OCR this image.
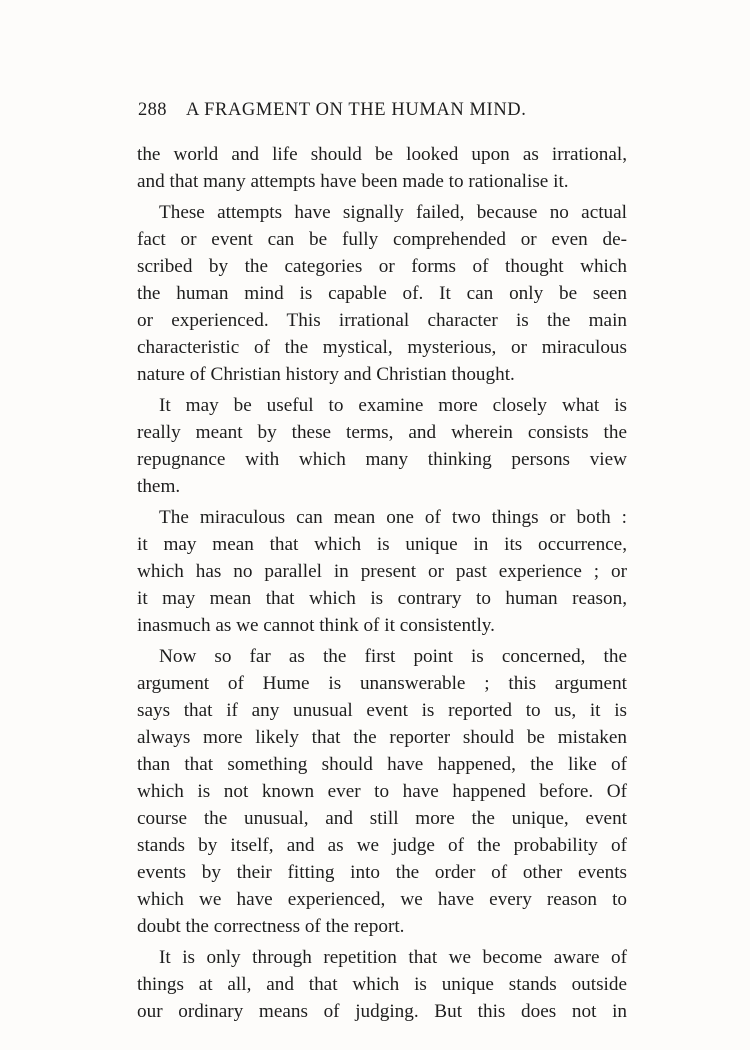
288 A FRAGMENT ON THE HUMAN MIND.
the world and life should be looked upon as irrational,
and that many attempts have been made to rationalise it.
These attempts have signally failed, because no actual
fact or event can be fully comprehended or even de-
scribed by the categories or forms of thought which
the human mind is capable of. It can only be seen
or experienced. This irrational character is the main
characteristic of the mystical, mysterious, or miraculous
nature of Christian history and Christian thought.
It may be useful to examine more closely what is
really meant by these terms, and wherein consists the
repugnance with which many thinking persons view
them.
The miraculous can mean one of two things or both :
it may mean that which is unique in its occurrence,
which has no parallel in present or past experience ; or
it may mean that which is contrary to human reason,
inasmuch as we cannot think of it consistently.
Now so far as the first point is concerned, the
argument of Hume is unanswerable ; this argument
says that if any unusual event is reported to us, it is
always more likely that the reporter should be mistaken
than that something should have happened, the like of
which is not known ever to have happened before. Of
course the unusual, and still more the unique, event
stands by itself, and as we judge of the probability of
events by their fitting into the order of other events
which we have experienced, we have every reason to
doubt the correctness of the report.
It is only through repetition that we become aware of
things at all, and that which is unique stands outside
our ordinary means of judging. But this does not in
